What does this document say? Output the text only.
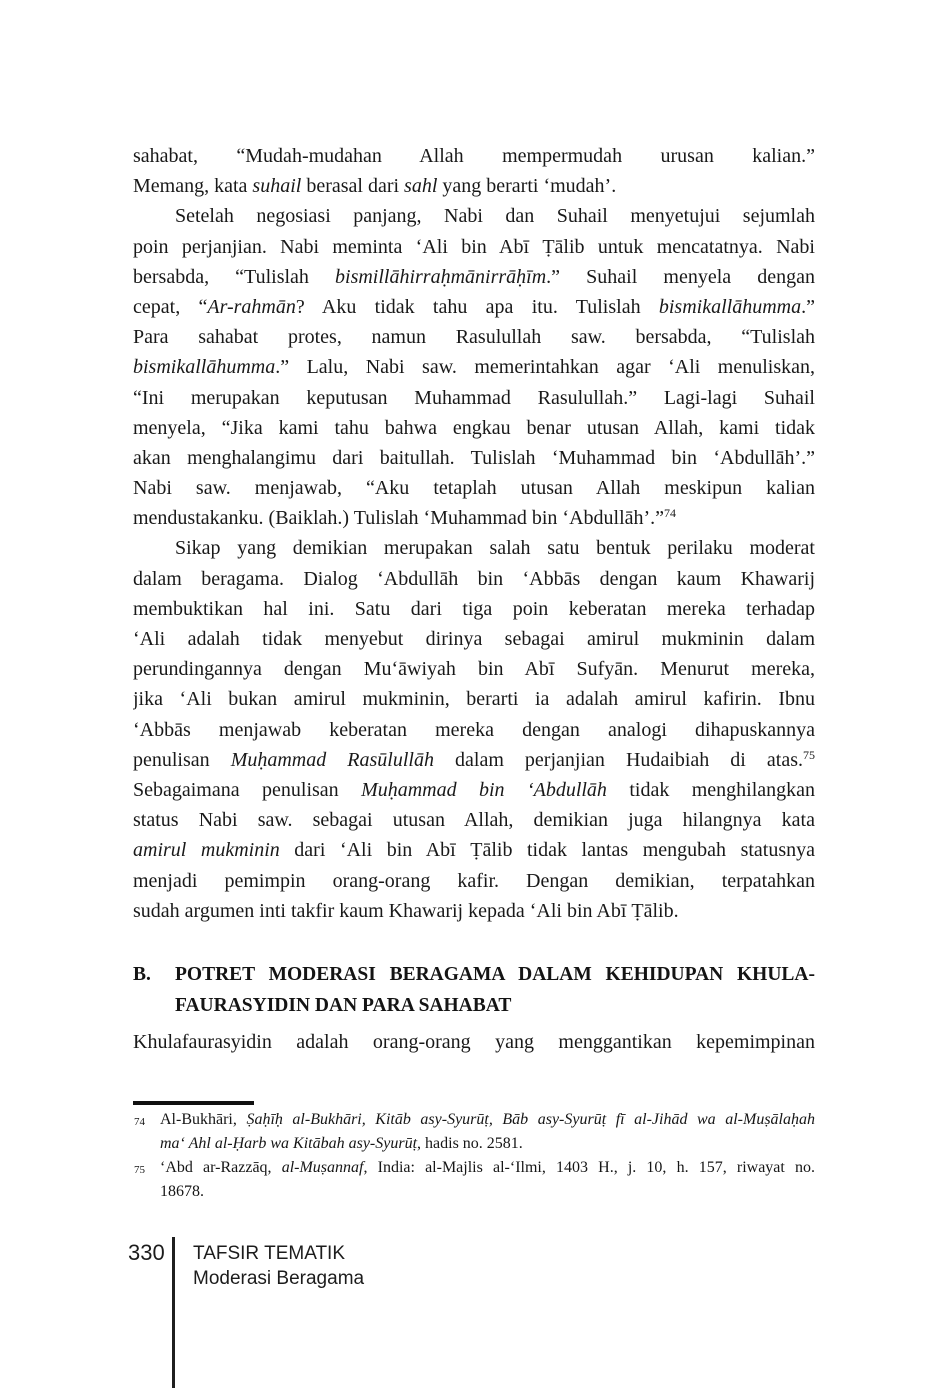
sahabat, “Mudah-mudahan Allah mempermudah urusan kalian.”
Memang, kata suhail berasal dari sahl yang berarti ‘mudah’.
Setelah negosiasi panjang, Nabi dan Suhail menyetujui sejumlah
poin perjanjian. Nabi meminta ‘Ali bin Abī Ṭālib untuk mencatatnya. Nabi
bersabda, “Tulislah bismillāhirraḥmānirrāḥīm.” Suhail menyela dengan
cepat, “Ar-rahmān? Aku tidak tahu apa itu. Tulislah bismikallāhumma.”
Para sahabat protes, namun Rasulullah saw. bersabda, “Tulislah
bismikallāhumma.” Lalu, Nabi saw. memerintahkan agar ‘Ali menuliskan,
“Ini merupakan keputusan Muhammad Rasulullah.” Lagi-lagi Suhail
menyela, “Jika kami tahu bahwa engkau benar utusan Allah, kami tidak
akan menghalangimu dari baitullah. Tulislah ‘Muhammad bin ‘Abdullāh’.”
Nabi saw. menjawab, “Aku tetaplah utusan Allah meskipun kalian
mendustakanku. (Baiklah.) Tulislah ‘Muhammad bin ‘Abdullāh’.”$^{74}$
Sikap yang demikian merupakan salah satu bentuk perilaku moderat
dalam beragama. Dialog ‘Abdullāh bin ‘Abbās dengan kaum Khawarij
membuktikan hal ini. Satu dari tiga poin keberatan mereka terhadap
‘Ali adalah tidak menyebut dirinya sebagai amirul mukminin dalam
perundingannya dengan Mu‘āwiyah bin Abī Sufyān. Menurut mereka,
jika ‘Ali bukan amirul mukminin, berarti ia adalah amirul kafirin. Ibnu
‘Abbās menjawab keberatan mereka dengan analogi dihapuskannya
penulisan Muḥammad Rasūlullāh dalam perjanjian Hudaibiah di atas.$^{75}$
Sebagaimana penulisan Muḥammad bin ‘Abdullāh tidak menghilangkan
status Nabi saw. sebagai utusan Allah, demikian juga hilangnya kata
amirul mukminin dari ‘Ali bin Abī Ṭālib tidak lantas mengubah statusnya
menjadi pemimpin orang-orang kafir. Dengan demikian, terpatahkan
sudah argumen inti takfir kaum Khawarij kepada ‘Ali bin Abī Ṭālib.
B.	POTRET MODERASI BERAGAMA DALAM KEHIDUPAN KHULA-
FAURASYIDIN DAN PARA SAHABAT
Khulafaurasyidin adalah orang-orang yang menggantikan kepemimpinan
74 Al-Bukhāri, Ṣaḥīḥ al-Bukhāri, Kitāb asy-Syurūṭ, Bāb asy-Syurūṭ fī al-Jihād wa al-Muṣālaḥah
ma‘ Ahl al-Ḥarb wa Kitābah asy-Syurūṭ, hadis no. 2581.
75 ‘Abd ar-Razzāq, al-Muṣannaf, India: al-Majlis al-‘Ilmi, 1403 H., j. 10, h. 157, riwayat no.
18678.
330 TAFSIR TEMATIK
Moderasi Beragama
